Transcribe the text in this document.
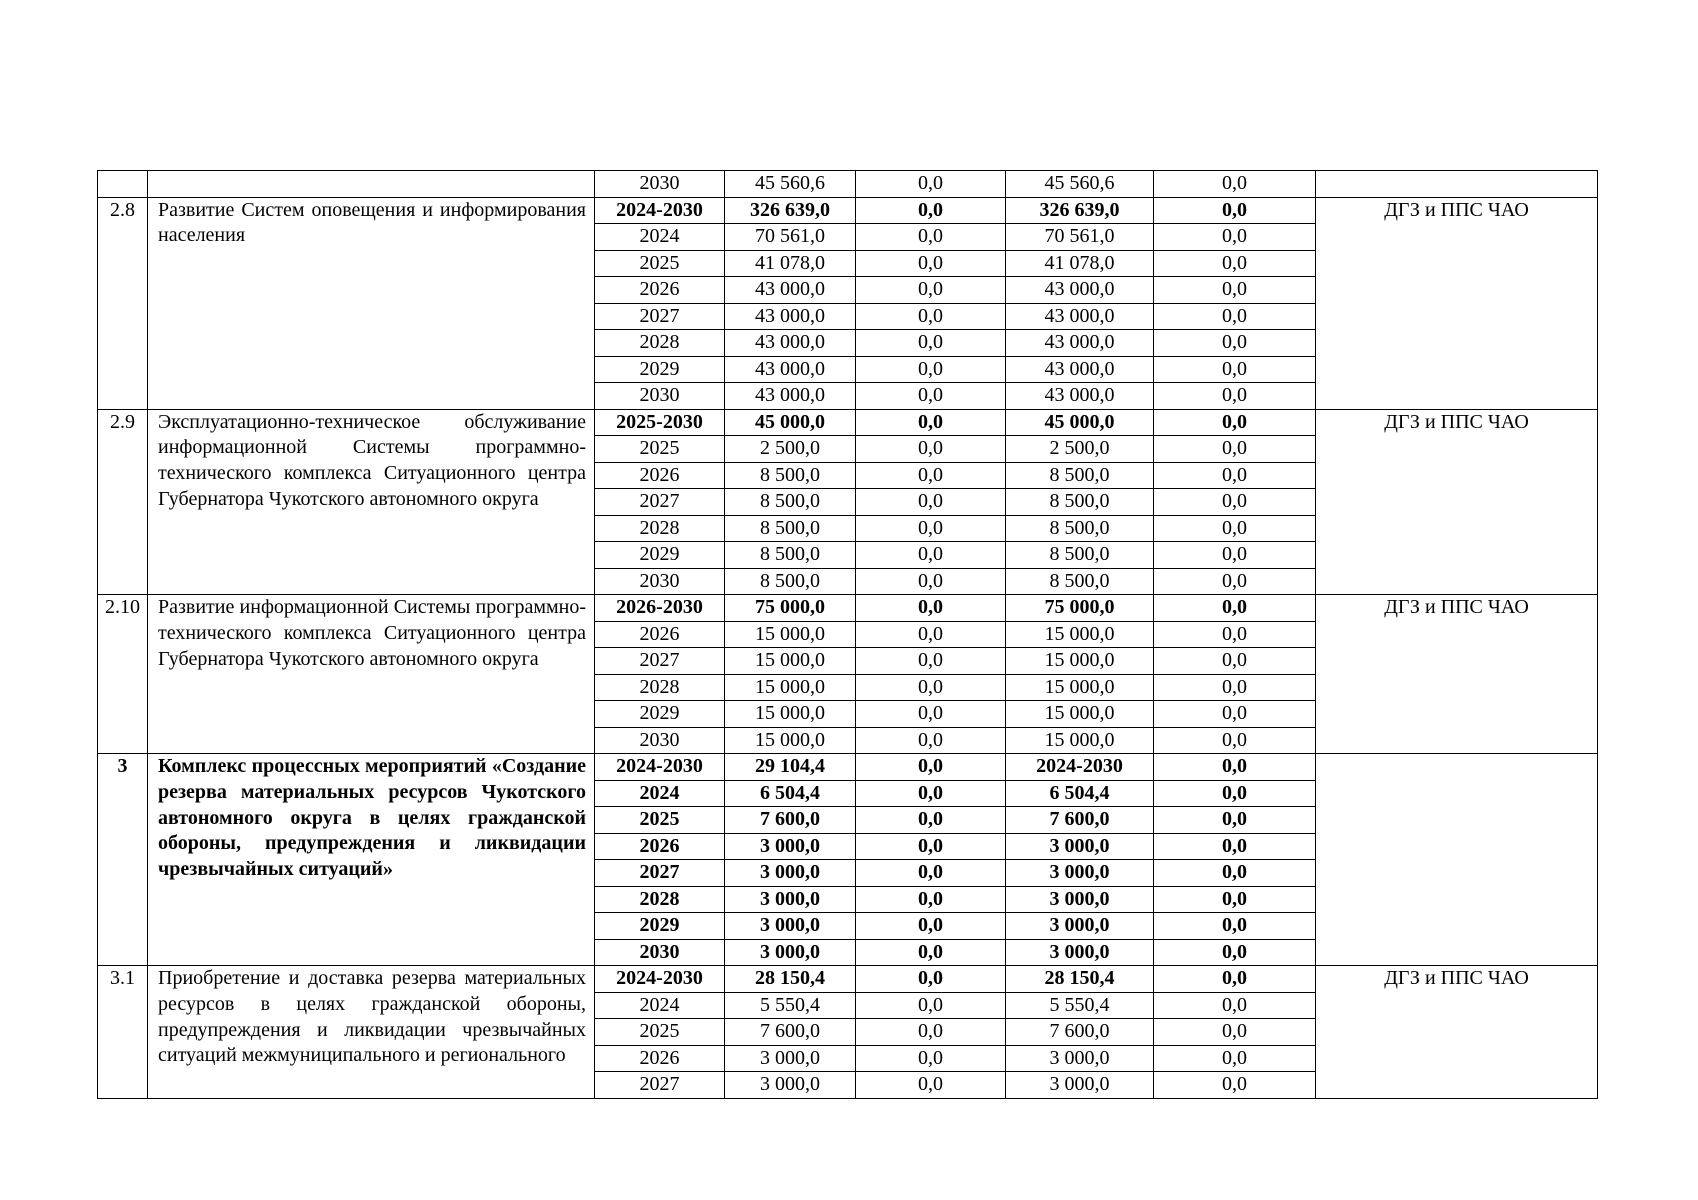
		2030	45 560,6	0,0	45 560,6	0,0	
2.8	Развитие Систем оповещения и информирования населения	2024-2030	326 639,0	0,0	326 639,0	0,0	ДГЗ и ППС ЧАО
		2024	70 561,0	0,0	70 561,0	0,0	
		2025	41 078,0	0,0	41 078,0	0,0	
		2026	43 000,0	0,0	43 000,0	0,0	
		2027	43 000,0	0,0	43 000,0	0,0	
		2028	43 000,0	0,0	43 000,0	0,0	
		2029	43 000,0	0,0	43 000,0	0,0	
		2030	43 000,0	0,0	43 000,0	0,0	
2.9	Эксплуатационно-техническое обслуживание информационной Системы программно-технического комплекса Ситуационного центра Губернатора Чукотского автономного округа	2025-2030	45 000,0	0,0	45 000,0	0,0	ДГЗ и ППС ЧАО
		2025	2 500,0	0,0	2 500,0	0,0	
		2026	8 500,0	0,0	8 500,0	0,0	
		2027	8 500,0	0,0	8 500,0	0,0	
		2028	8 500,0	0,0	8 500,0	0,0	
		2029	8 500,0	0,0	8 500,0	0,0	
		2030	8 500,0	0,0	8 500,0	0,0	
2.10	Развитие информационной Системы программно-технического комплекса Ситуационного центра Губернатора Чукотского автономного округа	2026-2030	75 000,0	0,0	75 000,0	0,0	ДГЗ и ППС ЧАО
		2026	15 000,0	0,0	15 000,0	0,0	
		2027	15 000,0	0,0	15 000,0	0,0	
		2028	15 000,0	0,0	15 000,0	0,0	
		2029	15 000,0	0,0	15 000,0	0,0	
		2030	15 000,0	0,0	15 000,0	0,0	
3	Комплекс процессных мероприятий «Создание резерва материальных ресурсов Чукотского автономного округа в целях гражданской обороны, предупреждения и ликвидации чрезвычайных ситуаций»	2024-2030	29 104,4	0,0	2024-2030	0,0	
		2024	6 504,4	0,0	6 504,4	0,0	
		2025	7 600,0	0,0	7 600,0	0,0	
		2026	3 000,0	0,0	3 000,0	0,0	
		2027	3 000,0	0,0	3 000,0	0,0	
		2028	3 000,0	0,0	3 000,0	0,0	
		2029	3 000,0	0,0	3 000,0	0,0	
		2030	3 000,0	0,0	3 000,0	0,0	
3.1	Приобретение и доставка резерва материальных ресурсов в целях гражданской обороны, предупреждения и ликвидации чрезвычайных ситуаций межмуниципального и регионального	2024-2030	28 150,4	0,0	28 150,4	0,0	ДГЗ и ППС ЧАО
		2024	5 550,4	0,0	5 550,4	0,0	
		2025	7 600,0	0,0	7 600,0	0,0	
		2026	3 000,0	0,0	3 000,0	0,0	
		2027	3 000,0	0,0	3 000,0	0,0	
